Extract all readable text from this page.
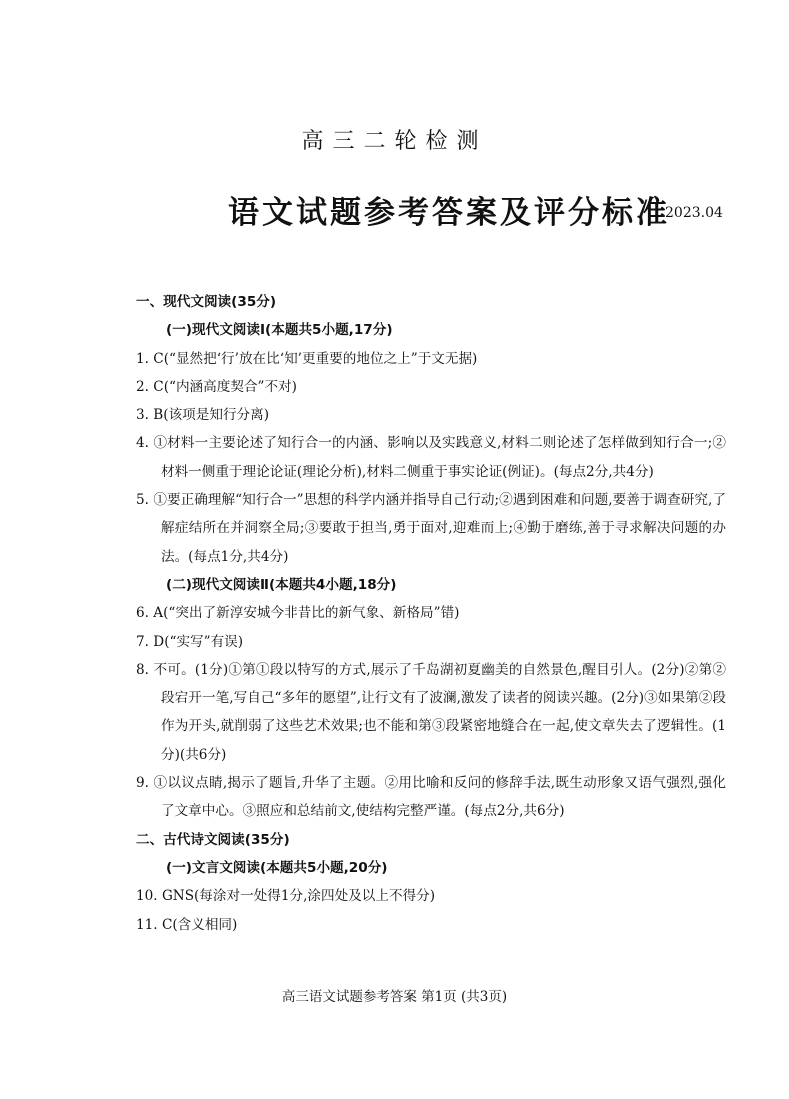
高三二轮检测
语文试题参考答案及评分标准
2023.04
一、现代文阅读(35分)
(一)现代文阅读Ⅰ(本题共5小题,17分)
1. C(“显然把‘行’放在比‘知’更重要的地位之上”于文无据)
2. C(“内涵高度契合”不对)
3. B(该项是知行分离)
4. ①材料一主要论述了知行合一的内涵、影响以及实践意义,材料二则论述了怎样做到知行合一;②材料一侧重于理论论证(理论分析),材料二侧重于事实论证(例证)。(每点2分,共4分)
5. ①要正确理解“知行合一”思想的科学内涵并指导自己行动;②遇到困难和问题,要善于调查研究,了解症结所在并洞察全局;③要敢于担当,勇于面对,迎难而上;④勤于磨练,善于寻求解决问题的办法。(每点1分,共4分)
(二)现代文阅读Ⅱ(本题共4小题,18分)
6. A(“突出了新淳安城今非昔比的新气象、新格局”错)
7. D(“实写”有误)
8. 不可。(1分)①第①段以特写的方式,展示了千岛湖初夏幽美的自然景色,醒目引人。(2分)②第②段宕开一笔,写自己“多年的愿望”,让行文有了波澜,激发了读者的阅读兴趣。(2分)③如果第②段作为开头,就削弱了这些艺术效果;也不能和第③段紧密地缝合在一起,使文章失去了逻辑性。(1分)(共6分)
9. ①以议点睛,揭示了题旨,升华了主题。②用比喻和反问的修辞手法,既生动形象又语气强烈,强化了文章中心。③照应和总结前文,使结构完整严谨。(每点2分,共6分)
二、古代诗文阅读(35分)
(一)文言文阅读(本题共5小题,20分)
10. GNS(每涂对一处得1分,涂四处及以上不得分)
11. C(含义相同)
高三语文试题参考答案 第1页 (共3页)
